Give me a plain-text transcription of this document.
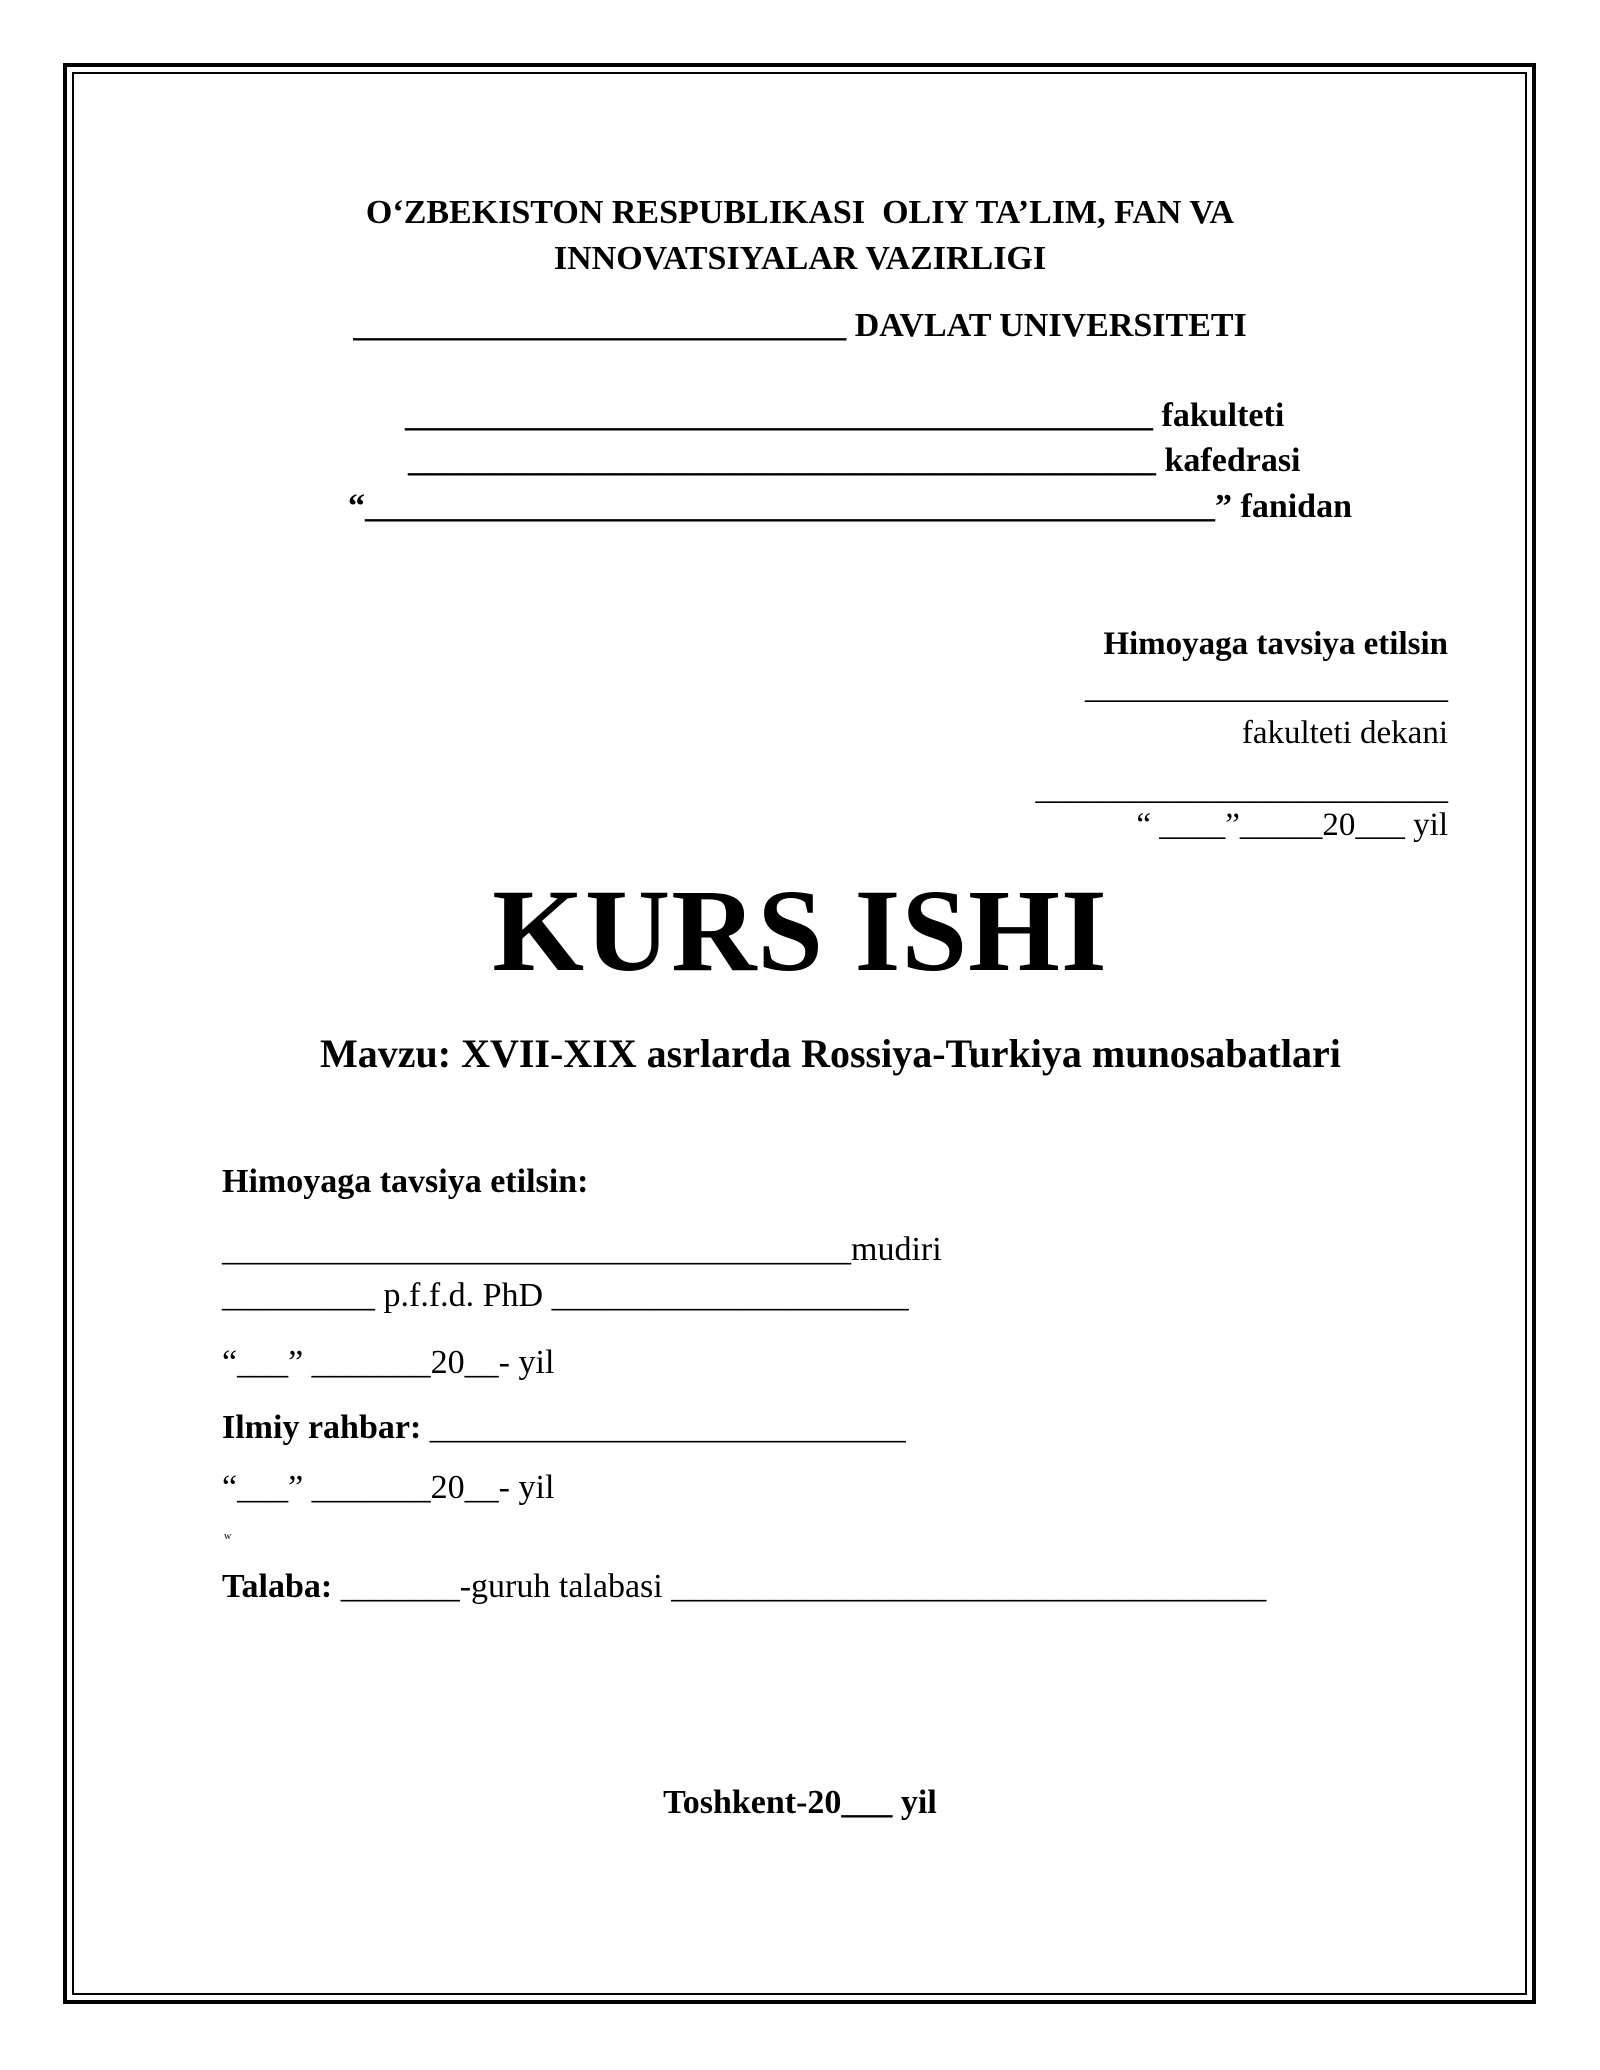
O‘ZBEKISTON RESPUBLIKASI  OLIY TA’LIM, FAN VA
INNOVATSIYALAR VAZIRLIGI
_____________________________ DAVLAT UNIVERSITETI
____________________________________________ fakulteti
____________________________________________ kafedrasi
“__________________________________________________” fanidan
Himoyaga tavsiya etilsin
______________________
fakulteti dekani
_________________________
“ ____”_____20___ yil
KURS ISHI
Mavzu: XVII-XIX asrlarda Rossiya-Turkiya munosabatlari
Himoyaga tavsiya etilsin:
_____________________________________mudiri
_________ p.f.f.d. PhD _____________________
“___” _______20__- yil
Ilmiy rahbar: ____________________________
“___” _______20__- yil
w
Talaba: _______-guruh talabasi ___________________________________
Toshkent-20___ yil
